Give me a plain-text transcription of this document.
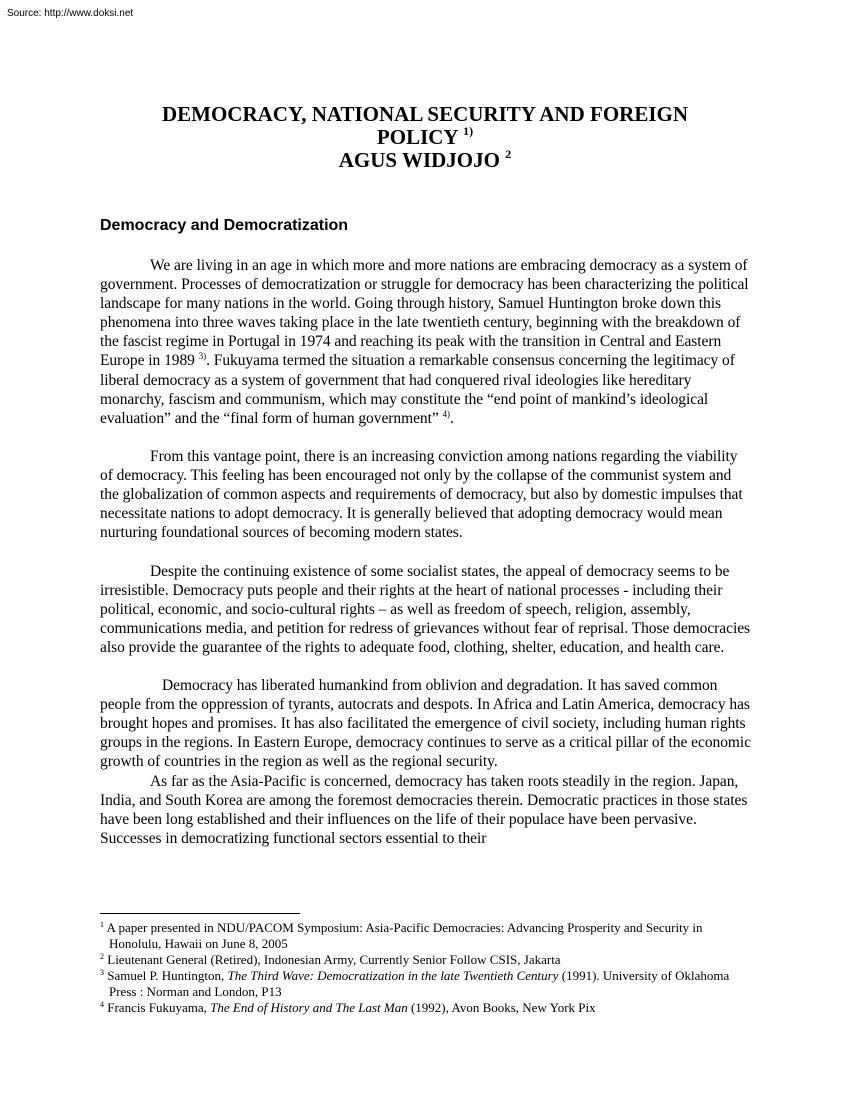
Source: http://www.doksi.net
DEMOCRACY, NATIONAL SECURITY AND FOREIGN
POLICY $^{1)}$
AGUS WIDJOJO $^2$
Democracy and Democratization

We are living in an age in which more and more nations are embracing democracy as a system of government. Processes of democratization or struggle for democracy has been characterizing the political landscape for many nations in the world. Going through history, Samuel Huntington broke down this phenomena into three waves taking place in the late twentieth century, beginning with the breakdown of the fascist regime in Portugal in 1974 and reaching its peak with the transition in Central and Eastern Europe in 1989 $^{3)}$. Fukuyama termed the situation a remarkable consensus concerning the legitimacy of liberal democracy as a system of government that had conquered rival ideologies like hereditary monarchy, fascism and communism, which may constitute the “end point of mankind’s ideological evaluation” and the “final form of human government” $^{4)}$.

From this vantage point, there is an increasing conviction among nations regarding the viability of democracy. This feeling has been encouraged not only by the collapse of the communist system and the globalization of common aspects and requirements of democracy, but also by domestic impulses that necessitate nations to adopt democracy. It is generally believed that adopting democracy would mean nurturing foundational sources of becoming modern states.

Despite the continuing existence of some socialist states, the appeal of democracy seems to be irresistible. Democracy puts people and their rights at the heart of national processes - including their political, economic, and socio-cultural rights – as well as freedom of speech, religion, assembly, communications media, and petition for redress of grievances without fear of reprisal. Those democracies also provide the guarantee of the rights to adequate food, clothing, shelter, education, and health care.

Democracy has liberated humankind from oblivion and degradation. It has saved common people from the oppression of tyrants, autocrats and despots. In Africa and Latin America, democracy has brought hopes and promises. It has also facilitated the emergence of civil society, including human rights groups in the regions. In Eastern Europe, democracy continues to serve as a critical pillar of the economic growth of countries in the region as well as the regional security.

As far as the Asia-Pacific is concerned, democracy has taken roots steadily in the region. Japan, India, and South Korea are among the foremost democracies therein. Democratic practices in those states have been long established and their influences on the life of their populace have been pervasive. Successes in democratizing functional sectors essential to their

$^1$ A paper presented in NDU/PACOM Symposium: Asia-Pacific Democracies: Advancing Prosperity and Security in Honolulu, Hawaii on June 8, 2005
$^2$ Lieutenant General (Retired), Indonesian Army, Currently Senior Follow CSIS, Jakarta
$^3$ Samuel P. Huntington, The Third Wave: Democratization in the late Twentieth Century (1991). University of Oklahoma Press : Norman and London, P13
$^4$ Francis Fukuyama, The End of History and The Last Man (1992), Avon Books, New York Pix
